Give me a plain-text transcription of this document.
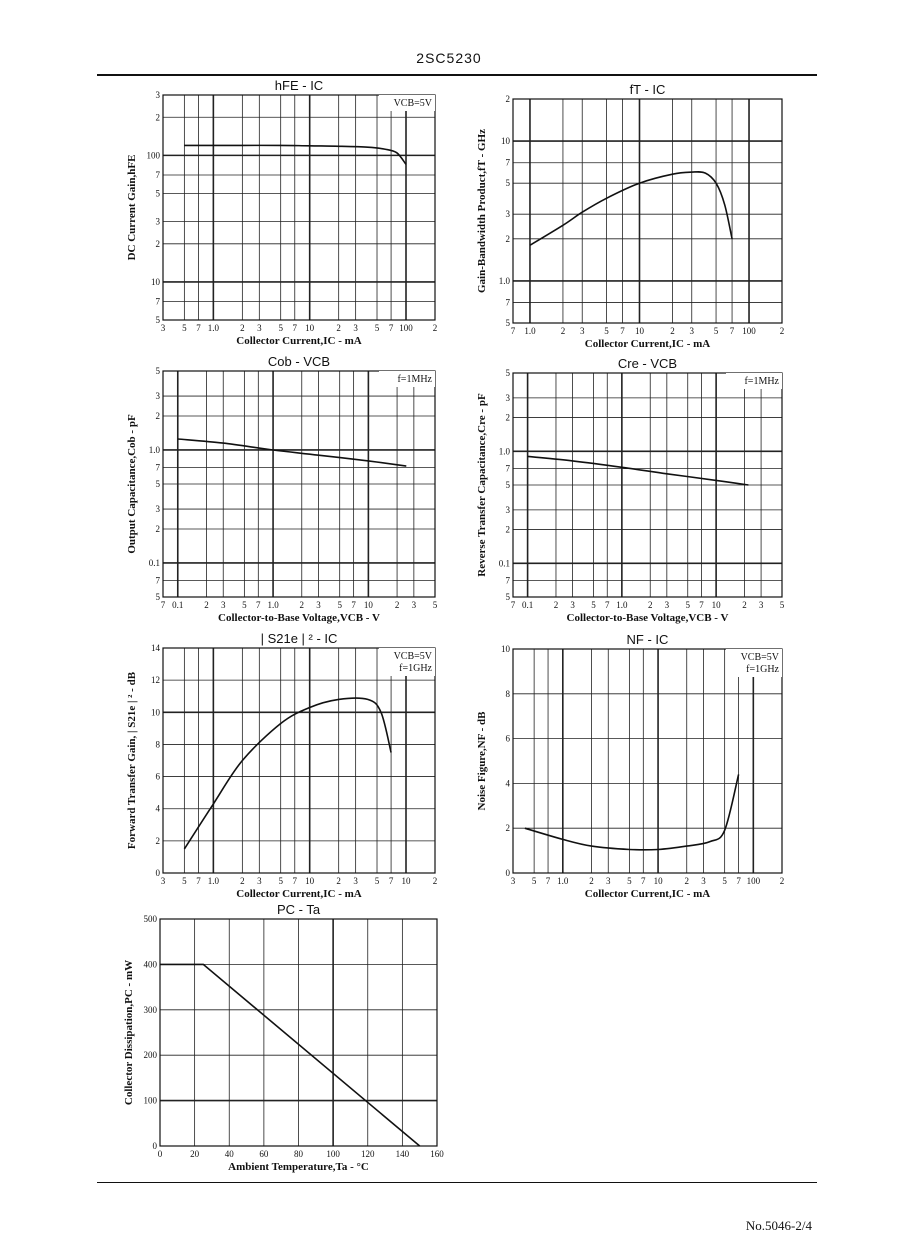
2SC5230
No.5046-2/4
3 5 7 1.0 2 3 5 7 10 2 3 5 7 100 2
5
7
10
2
3
5
7
100
2
3
hFE - IC
Collector Current,IC - mA
DC Current Gain,hFE
VCB=5V
7 1.0	2 3 5 7 10	2 3 5 7 100	2
5
7
1.0
2
3
5
7
10
2
fT - IC
Collector Current,IC - mA
Gain-Bandwidth Product,fT - GHz
7 0.1 2 3 5 7 1.0 2 3 5 7 10 2 3 5
5
7
0.1
2
3
5
7
1.0
2
3
5
Cob - VCB
Collector-to-Base Voltage,VCB - V
Output Capacitance,Cob - pF
f=1MHz
7 0.1 2 3 5 7 1.0 2 3 5 7 10 2 3 5
5
7
0.1
2
3
5
7
1.0
2
3
5
Cre - VCB
Collector-to-Base Voltage,VCB - V
Reverse Transfer Capacitance,Cre - pF
f=1MHz
3 5 7 1.0 2 3 5 7 10 2 3 5 7 10 2
0
2
4
6
8
10
12
14
| S21e | ² - IC
Collector Current,IC - mA
Forward Transfer Gain, | S21e | ² - dB
VCB=5V
f=1GHz
3 5 7 1.0 2 3 5 7 10 2 3 5 7 100 2
0
2
4
6
8
10
NF - IC
Collector Current,IC - mA
Noise Figure,NF - dB
VCB=5V
f=1GHz
0	20	40	60	80	100 120 140 160
0
100
200
300
400
500
PC - Ta
Ambient Temperature,Ta - °C
Collector Dissipation,PC - mW
